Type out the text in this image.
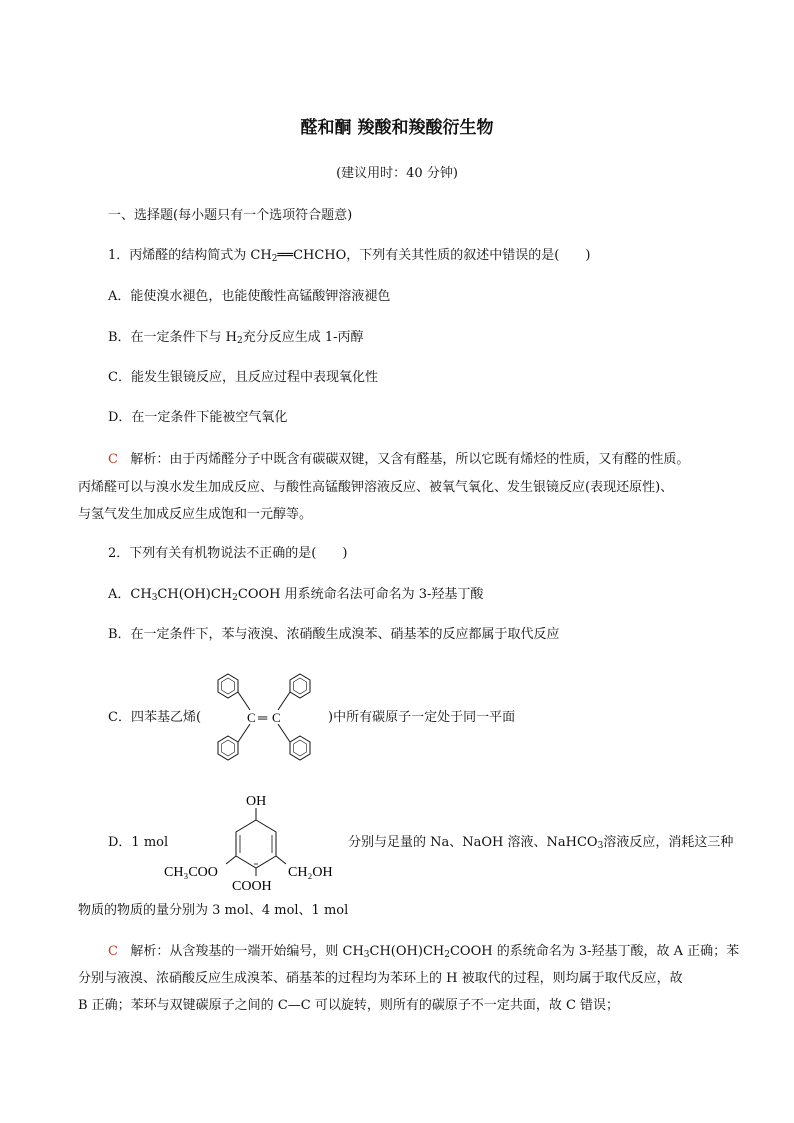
醛和酮 羧酸和羧酸衍生物
(建议用时：40 分钟)
一、选择题(每小题只有一个选项符合题意)
1．丙烯醛的结构简式为 $CH_2══CHCHO$，下列有关其性质的叙述中错误的是(　　)
A．能使溴水褪色，也能使酸性高锰酸钾溶液褪色
B．在一定条件下与 $H_2$充分反应生成 1-丙醇
C．能发生银镜反应，且反应过程中表现氧化性
D．在一定条件下能被空气氧化
C 解析：由于丙烯醛分子中既含有碳碳双键，又含有醛基，所以它既有烯烃的性质，又有醛的性质。
丙烯醛可以与溴水发生加成反应、与酸性高锰酸钾溶液反应、被氧气氧化、发生银镜反应(表现还原性)、
与氢气发生加成反应生成饱和一元醇等。
2．下列有关有机物说法不正确的是(　　)
A．$CH_3CH(OH)CH_2COOH$ 用系统命名法可命名为 3-羟基丁酸
B．在一定条件下，苯与液溴、浓硝酸生成溴苯、硝基苯的反应都属于取代反应
C．四苯基乙烯(	C ═ C	)中所有碳原子一定处于同一平面
D．1 mol
OH
CH₃COO	CH₂OH
COOH
分别与足量的 Na、NaOH 溶液、NaHCO$_3$溶液反应，消耗这三种
物质的物质的量分别为 3 mol、4 mol、1 mol
C 解析：从含羧基的一端开始编号，则 $CH_3CH(OH)CH_2COOH$ 的系统命名为 3-羟基丁酸，故 A 正确；苯
分别与液溴、浓硝酸反应生成溴苯、硝基苯的过程均为苯环上的 H 被取代的过程，则均属于取代反应，故
B 正确；苯环与双键碳原子之间的 C—C 可以旋转，则所有的碳原子不一定共面，故 C 错误；
